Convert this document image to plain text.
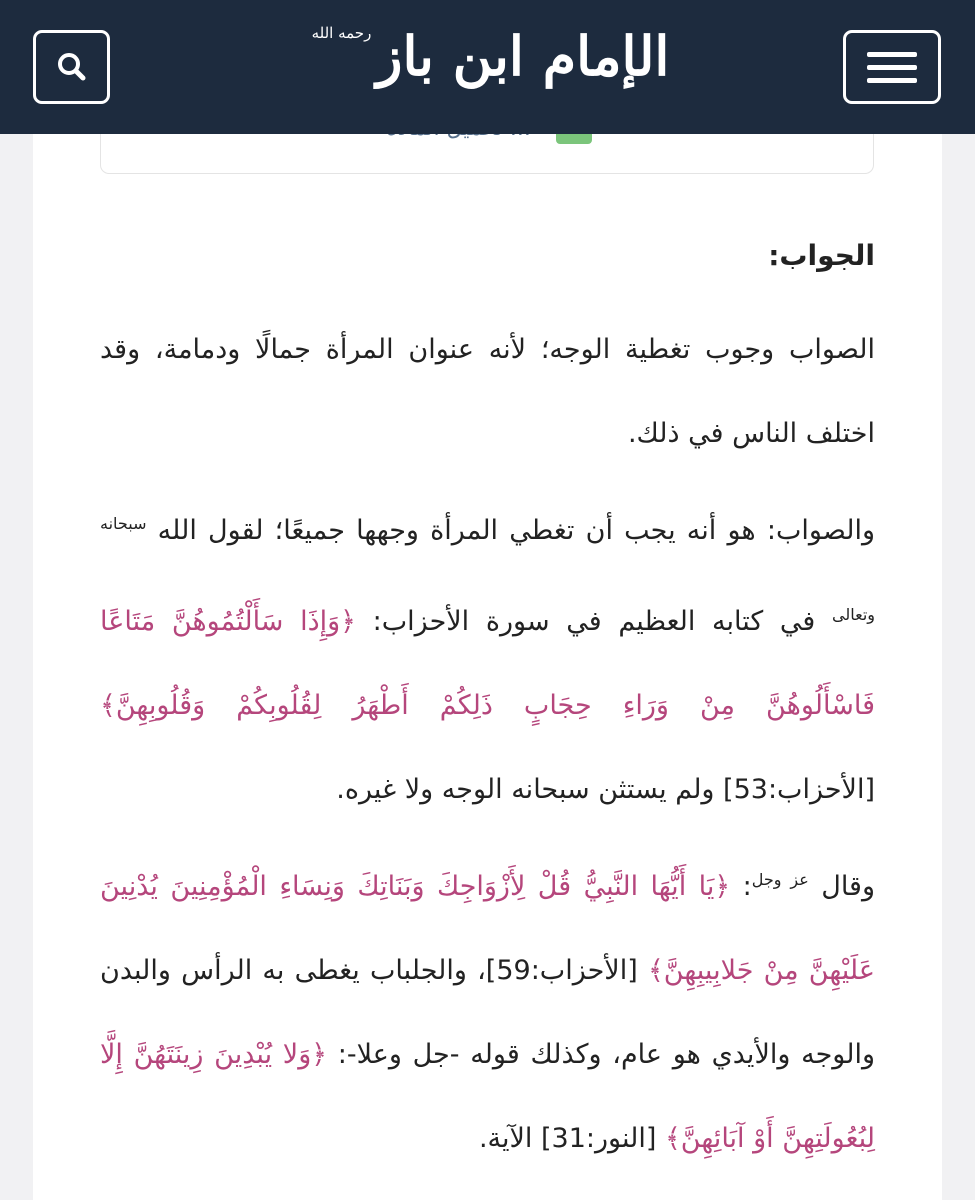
الإمام ابن باز رحمه الله
الجواب:

الصواب وجوب تغطية الوجه؛ لأنه عنوان المرأة جمالًا ودمامة، وقد اختلف الناس في ذلك.

والصواب: هو أنه يجب أن تغطي المرأة وجهها جميعًا؛ لقول الله $^{سبحانه وتعالى}$ في كتابه العظيم في سورة الأحزاب: ﴿وَإِذَا سَأَلْتُمُوهُنَّ مَتَاعًا فَاسْأَلُوهُنَّ مِنْ وَرَاءِ حِجَابٍ ذَلِكُمْ أَطْهَرُ لِقُلُوبِكُمْ وَقُلُوبِهِنَّ﴾ [الأحزاب:53] ولم يستثن سبحانه الوجه ولا غيره.

وقال $^{عز وجل}$: ﴿يَا أَيُّهَا النَّبِيُّ قُلْ لِأَزْوَاجِكَ وَبَنَاتِكَ وَنِسَاءِ الْمُؤْمِنِينَ يُدْنِينَ عَلَيْهِنَّ مِنْ جَلابِيبِهِنَّ﴾ [الأحزاب:59]، والجلباب يغطى به الرأس والبدن والوجه والأيدي هو عام، وكذلك قوله -جل وعلا-: ﴿وَلا يُبْدِينَ زِينَتَهُنَّ إِلَّا لِبُعُولَتِهِنَّ أَوْ آبَائِهِنَّ﴾ [النور:31] الآية.
